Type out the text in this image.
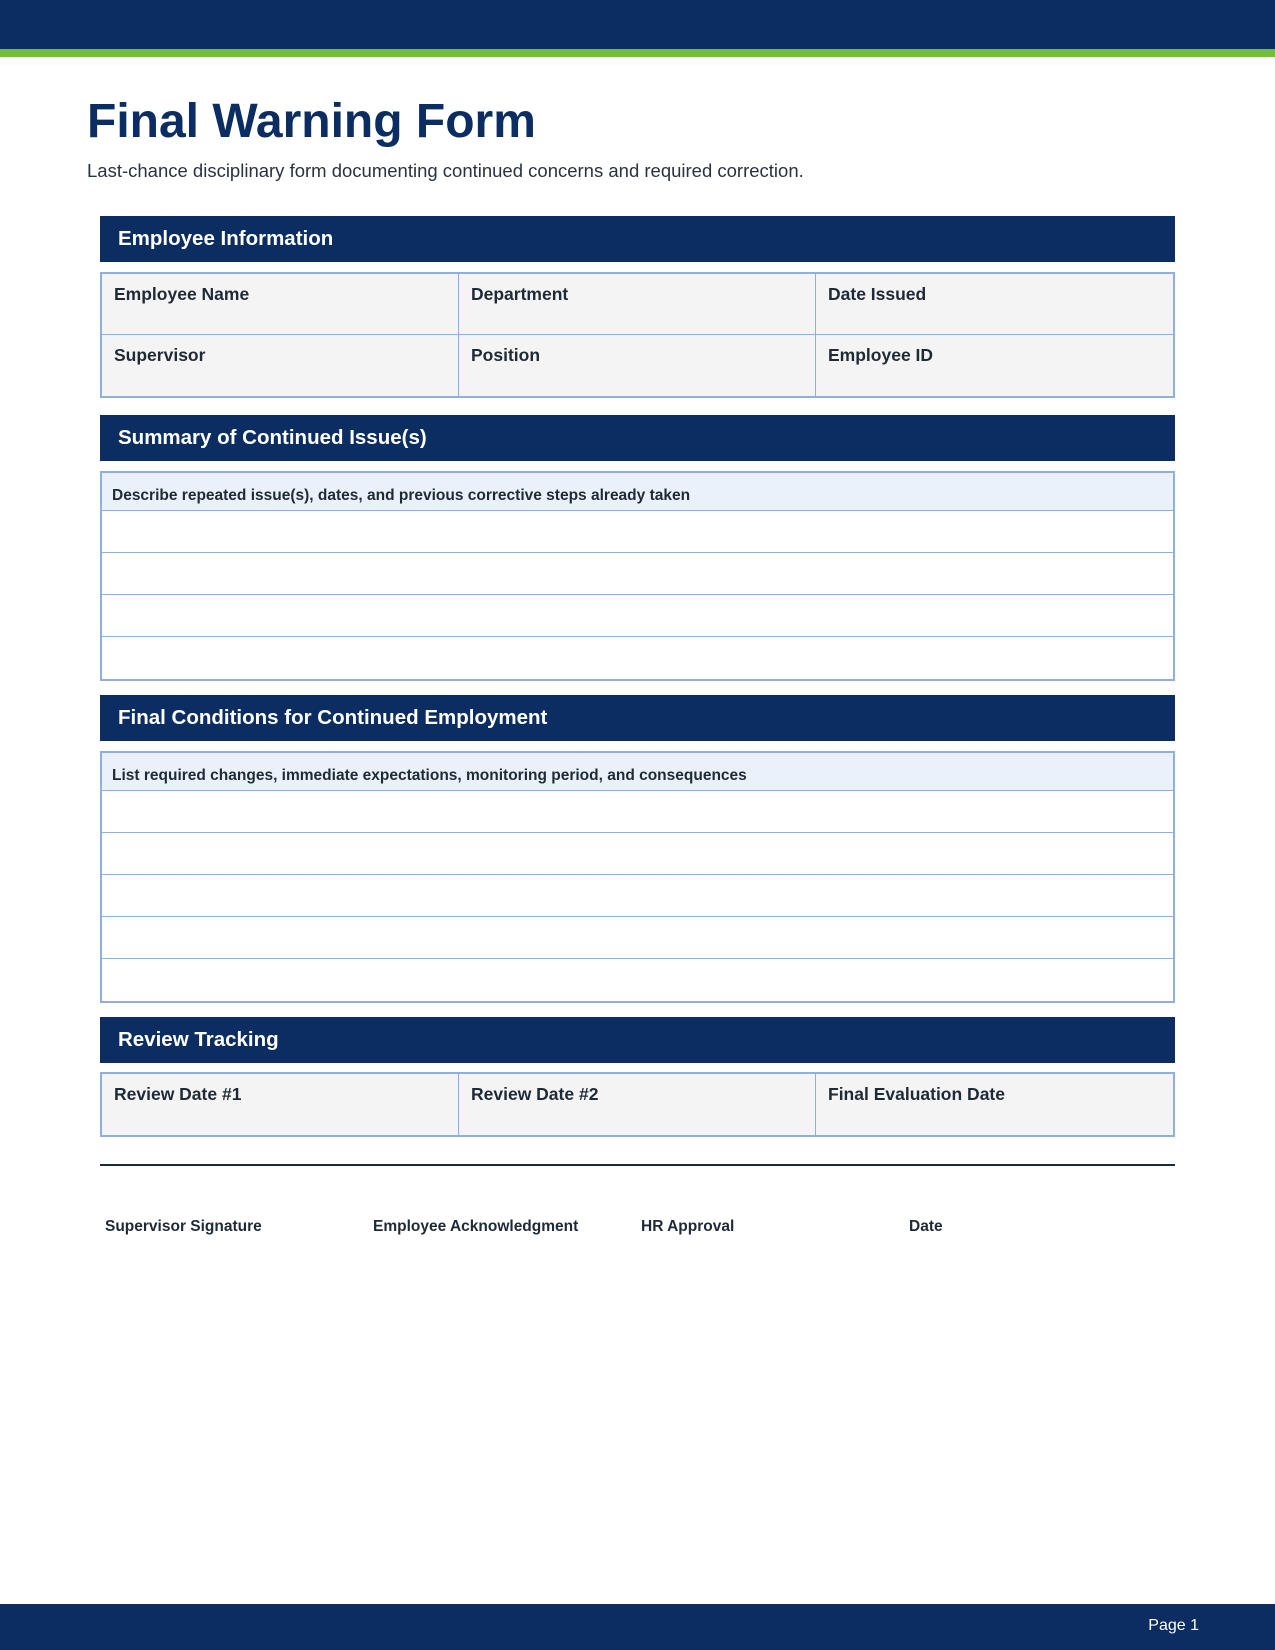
Final Warning Form

Last-chance disciplinary form documenting continued concerns and required correction.

Employee Information
Employee Name	Department	Date Issued
Supervisor	Position	Employee ID
Summary of Continued Issue(s)
Describe repeated issue(s), dates, and previous corrective steps already taken
Final Conditions for Continued Employment
List required changes, immediate expectations, monitoring period, and consequences
Review Tracking
Review Date #1	Review Date #2	Final Evaluation Date
Supervisor Signature	Employee Acknowledgment	HR Approval	Date
Page 1
